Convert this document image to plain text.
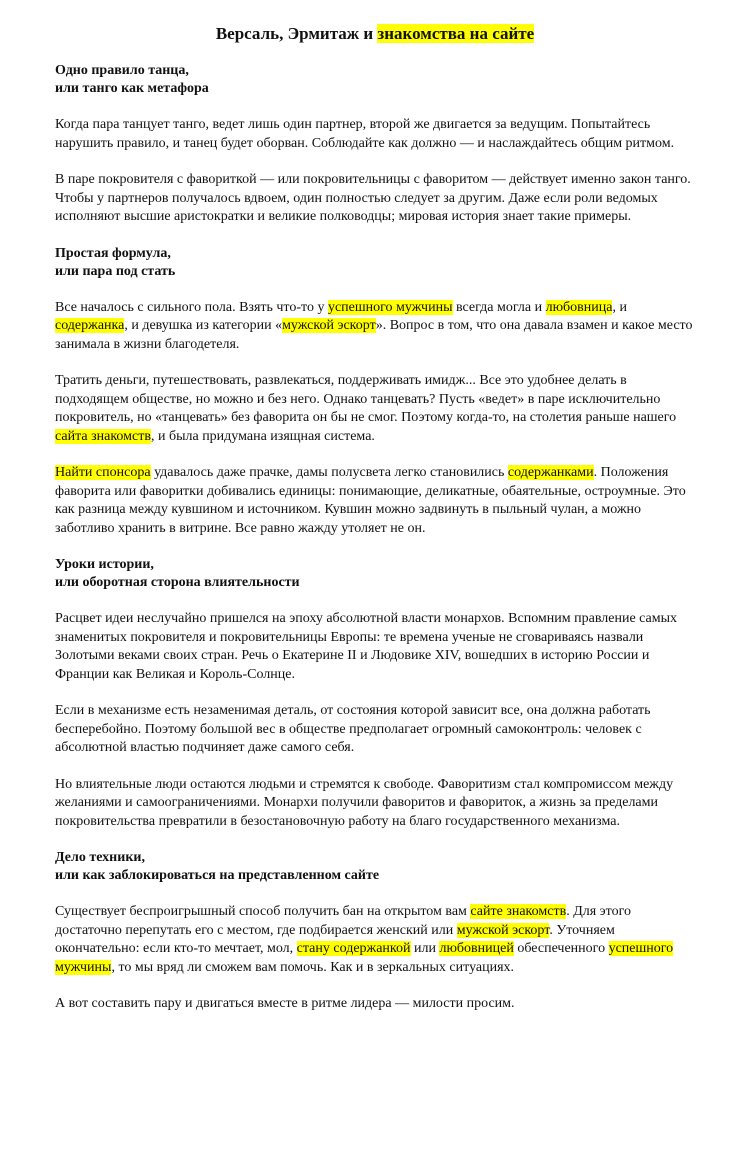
Версаль, Эрмитаж и знакомства на сайте
Одно правило танца,
или танго как метафора

Когда пара танцует танго, ведет лишь один партнер, второй же двигается за ведущим. Попытайтесь нарушить правило, и танец будет оборван. Соблюдайте как должно — и наслаждайтесь общим ритмом.

В паре покровителя с фавориткой — или покровительницы с фаворитом — действует именно закон танго. Чтобы у партнеров получалось вдвоем, один полностью следует за другим. Даже если роли ведомых исполняют высшие аристократки и великие полководцы; мировая история знает такие примеры.

Простая формула,
или пара под стать

Все началось с сильного пола. Взять что-то у успешного мужчины всегда могла и любовница, и содержанка, и девушка из категории «мужской эскорт». Вопрос в том, что она давала взамен и какое место занимала в жизни благодетеля.

Тратить деньги, путешествовать, развлекаться, поддерживать имидж... Все это удобнее делать в подходящем обществе, но можно и без него. Однако танцевать? Пусть «ведет» в паре исключительно покровитель, но «танцевать» без фаворита он бы не смог. Поэтому когда-то, на столетия раньше нашего сайта знакомств, и была придумана изящная система.

Найти спонсора удавалось даже прачке, дамы полусвета легко становились содержанками. Положения фаворита или фаворитки добивались единицы: понимающие, деликатные, обаятельные, остроумные. Это как разница между кувшином и источником. Кувшин можно задвинуть в пыльный чулан, а можно заботливо хранить в витрине. Все равно жажду утоляет не он.

Уроки истории,
или оборотная сторона влиятельности

Расцвет идеи неслучайно пришелся на эпоху абсолютной власти монархов. Вспомним правление самых знаменитых покровителя и покровительницы Европы: те времена ученые не сговариваясь назвали Золотыми веками своих стран. Речь о Екатерине II и Людовике XIV, вошедших в историю России и Франции как Великая и Король-Солнце.

Если в механизме есть незаменимая деталь, от состояния которой зависит все, она должна работать бесперебойно. Поэтому большой вес в обществе предполагает огромный самоконтроль: человек с абсолютной властью подчиняет даже самого себя.

Но влиятельные люди остаются людьми и стремятся к свободе. Фаворитизм стал компромиссом между желаниями и самоограничениями. Монархи получили фаворитов и фавориток, а жизнь за пределами покровительства превратили в безостановочную работу на благо государственного механизма.

Дело техники,
или как заблокироваться на представленном сайте

Существует беспроигрышный способ получить бан на открытом вам сайте знакомств. Для этого достаточно перепутать его с местом, где подбирается женский или мужской эскорт. Уточняем окончательно: если кто-то мечтает, мол, стану содержанкой или любовницей обеспеченного успешного мужчины, то мы вряд ли сможем вам помочь. Как и в зеркальных ситуациях.

А вот составить пару и двигаться вместе в ритме лидера — милости просим.
